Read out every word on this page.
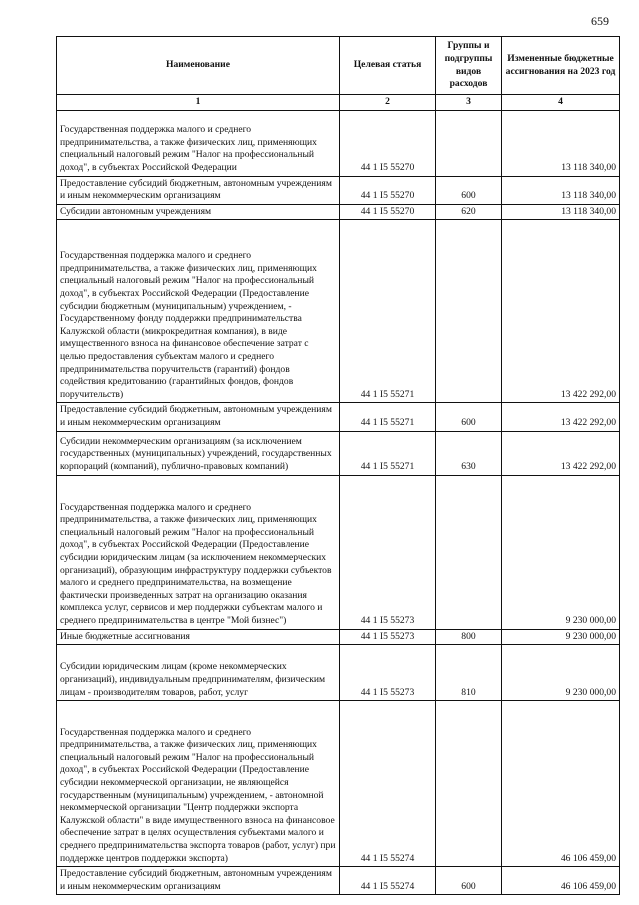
659
Наименование	Целевая статья	Группы и подгруппы видов расходов	Измененные бюджетные ассигнования на 2023 год
1	2	3	4
Государственная поддержка малого и среднего предпринимательства, а также физических лиц, применяющих специальный налоговый режим "Налог на профессиональный доход", в субъектах Российской Федерации	44 1 I5 55270		13 118 340,00
Предоставление субсидий бюджетным, автономным учреждениям и иным некоммерческим организациям	44 1 I5 55270	600	13 118 340,00
Субсидии автономным учреждениям	44 1 I5 55270	620	13 118 340,00
Государственная поддержка малого и среднего предпринимательства, а также физических лиц, применяющих специальный налоговый режим "Налог на профессиональный доход", в субъектах Российской Федерации (Предоставление субсидии бюджетным (муниципальным) учреждением, - Государственному фонду поддержки предпринимательства Калужской области (микрокредитная компания), в виде имущественного взноса на финансовое обеспечение затрат с целью предоставления субъектам малого и среднего предпринимательства поручительств (гарантий) фондов содействия кредитованию (гарантийных фондов, фондов поручительств)	44 1 I5 55271		13 422 292,00
Предоставление субсидий бюджетным, автономным учреждениям и иным некоммерческим организациям	44 1 I5 55271	600	13 422 292,00
Субсидии некоммерческим организациям (за исключением государственных (муниципальных) учреждений, государственных корпораций (компаний), публично-правовых компаний)	44 1 I5 55271	630	13 422 292,00
Государственная поддержка малого и среднего предпринимательства, а также физических лиц, применяющих специальный налоговый режим "Налог на профессиональный доход", в субъектах Российской Федерации (Предоставление субсидии юридическим лицам (за исключением некоммерческих организаций), образующим инфраструктуру поддержки субъектов малого и среднего предпринимательства, на возмещение фактически произведенных затрат на организацию оказания комплекса услуг, сервисов и мер поддержки субъектам малого и среднего предпринимательства в центре "Мой бизнес")	44 1 I5 55273		9 230 000,00
Иные бюджетные ассигнования	44 1 I5 55273	800	9 230 000,00
Субсидии юридическим лицам (кроме некоммерческих организаций), индивидуальным предпринимателям, физическим лицам - производителям товаров, работ, услуг	44 1 I5 55273	810	9 230 000,00
Государственная поддержка малого и среднего предпринимательства, а также физических лиц, применяющих специальный налоговый режим "Налог на профессиональный доход", в субъектах Российской Федерации (Предоставление субсидии некоммерческой организации, не являющейся государственным (муниципальным) учреждением, - автономной некоммерческой организации "Центр поддержки экспорта Калужской области" в виде имущественного взноса на финансовое обеспечение затрат в целях осуществления субъектами малого и среднего предпринимательства экспорта товаров (работ, услуг) при поддержке центров поддержки экспорта)	44 1 I5 55274		46 106 459,00
Предоставление субсидий бюджетным, автономным учреждениям и иным некоммерческим организациям	44 1 I5 55274	600	46 106 459,00
